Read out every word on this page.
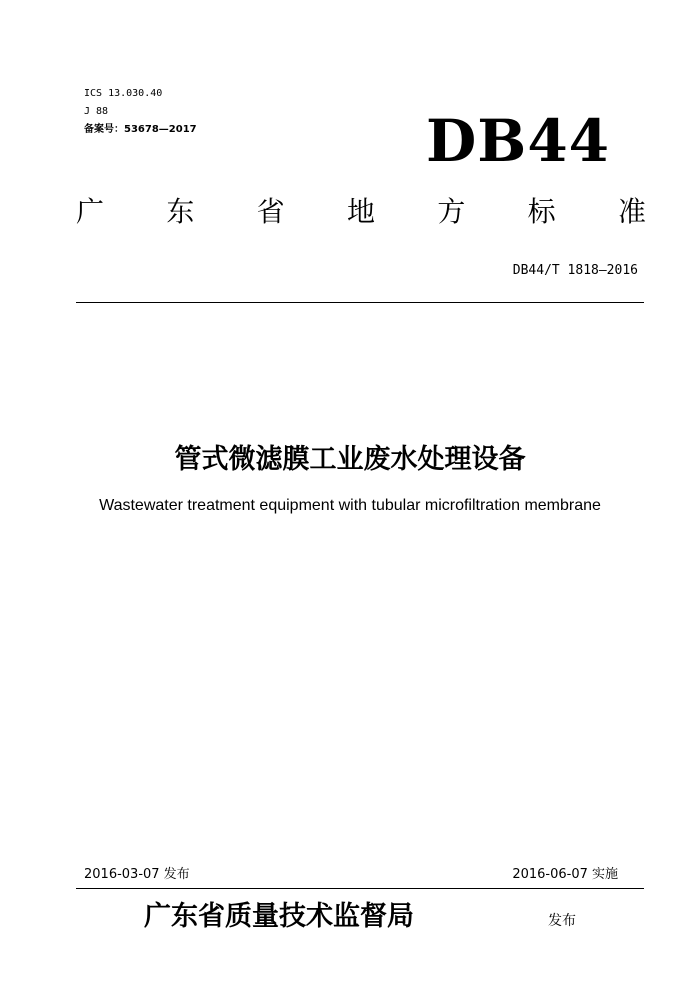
ICS 13.030.40
J 88
备案号：53678—2017	DB44
广 东 省 地 方 标 准
DB44/T 1818—2016
管式微滤膜工业废水处理设备
Wastewater treatment equipment with tubular microfiltration membrane
2016-03-07 发布	2016-06-07 实施
广东省质量技术监督局	发布
